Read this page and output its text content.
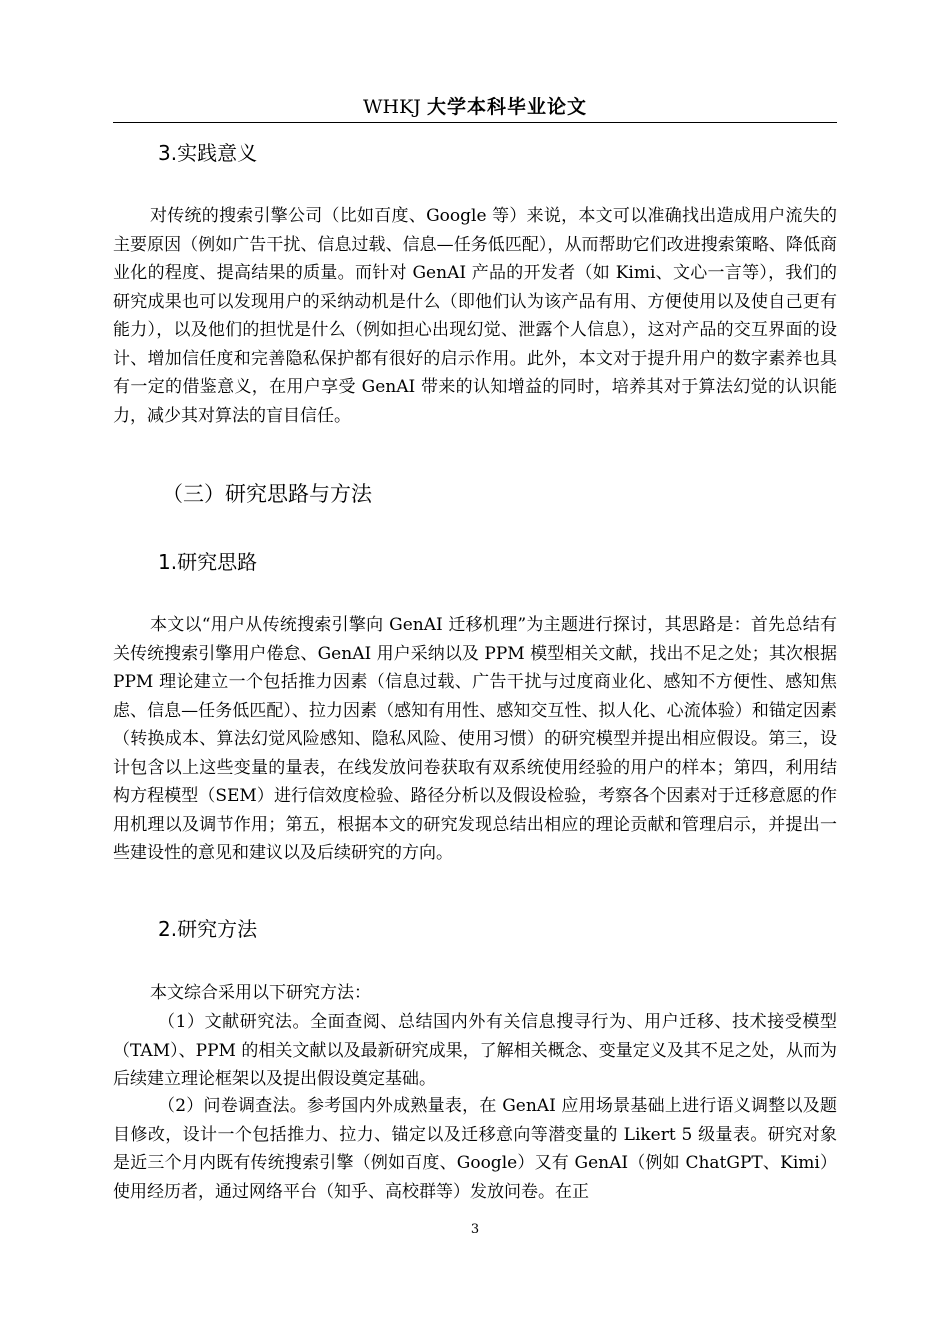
WHKJ 大学本科毕业论文
3.实践意义

对传统的搜索引擎公司（比如百度、Google 等）来说，本文可以准确找出造成用户流失的主要原因（例如广告干扰、信息过载、信息—任务低匹配），从而帮助它们改进搜索策略、降低商业化的程度、提高结果的质量。而针对 GenAI 产品的开发者（如 Kimi、文心一言等），我们的研究成果也可以发现用户的采纳动机是什么（即他们认为该产品有用、方便使用以及使自己更有能力），以及他们的担忧是什么（例如担心出现幻觉、泄露个人信息），这对产品的交互界面的设计、增加信任度和完善隐私保护都有很好的启示作用。此外，本文对于提升用户的数字素养也具有一定的借鉴意义，在用户享受 GenAI 带来的认知增益的同时，培养其对于算法幻觉的认识能力，减少其对算法的盲目信任。

（三）研究思路与方法
1.研究思路

本文以“用户从传统搜索引擎向 GenAI 迁移机理”为主题进行探讨，其思路是：首先总结有关传统搜索引擎用户倦怠、GenAI 用户采纳以及 PPM 模型相关文献，找出不足之处；其次根据 PPM 理论建立一个包括推力因素（信息过载、广告干扰与过度商业化、感知不方便性、感知焦虑、信息—任务低匹配）、拉力因素（感知有用性、感知交互性、拟人化、心流体验）和锚定因素（转换成本、算法幻觉风险感知、隐私风险、使用习惯）的研究模型并提出相应假设。第三，设计包含以上这些变量的量表，在线发放问卷获取有双系统使用经验的用户的样本；第四，利用结构方程模型（SEM）进行信效度检验、路径分析以及假设检验，考察各个因素对于迁移意愿的作用机理以及调节作用；第五，根据本文的研究发现总结出相应的理论贡献和管理启示，并提出一些建设性的意见和建议以及后续研究的方向。

2.研究方法

本文综合采用以下研究方法：

（1）文献研究法。全面查阅、总结国内外有关信息搜寻行为、用户迁移、技术接受模型（TAM）、PPM 的相关文献以及最新研究成果，了解相关概念、变量定义及其不足之处，从而为后续建立理论框架以及提出假设奠定基础。

（2）问卷调查法。参考国内外成熟量表，在 GenAI 应用场景基础上进行语义调整以及题目修改，设计一个包括推力、拉力、锚定以及迁移意向等潜变量的 Likert 5 级量表。研究对象是近三个月内既有传统搜索引擎（例如百度、Google）又有 GenAI（例如 ChatGPT、Kimi）使用经历者，通过网络平台（知乎、高校群等）发放问卷。在正

3
